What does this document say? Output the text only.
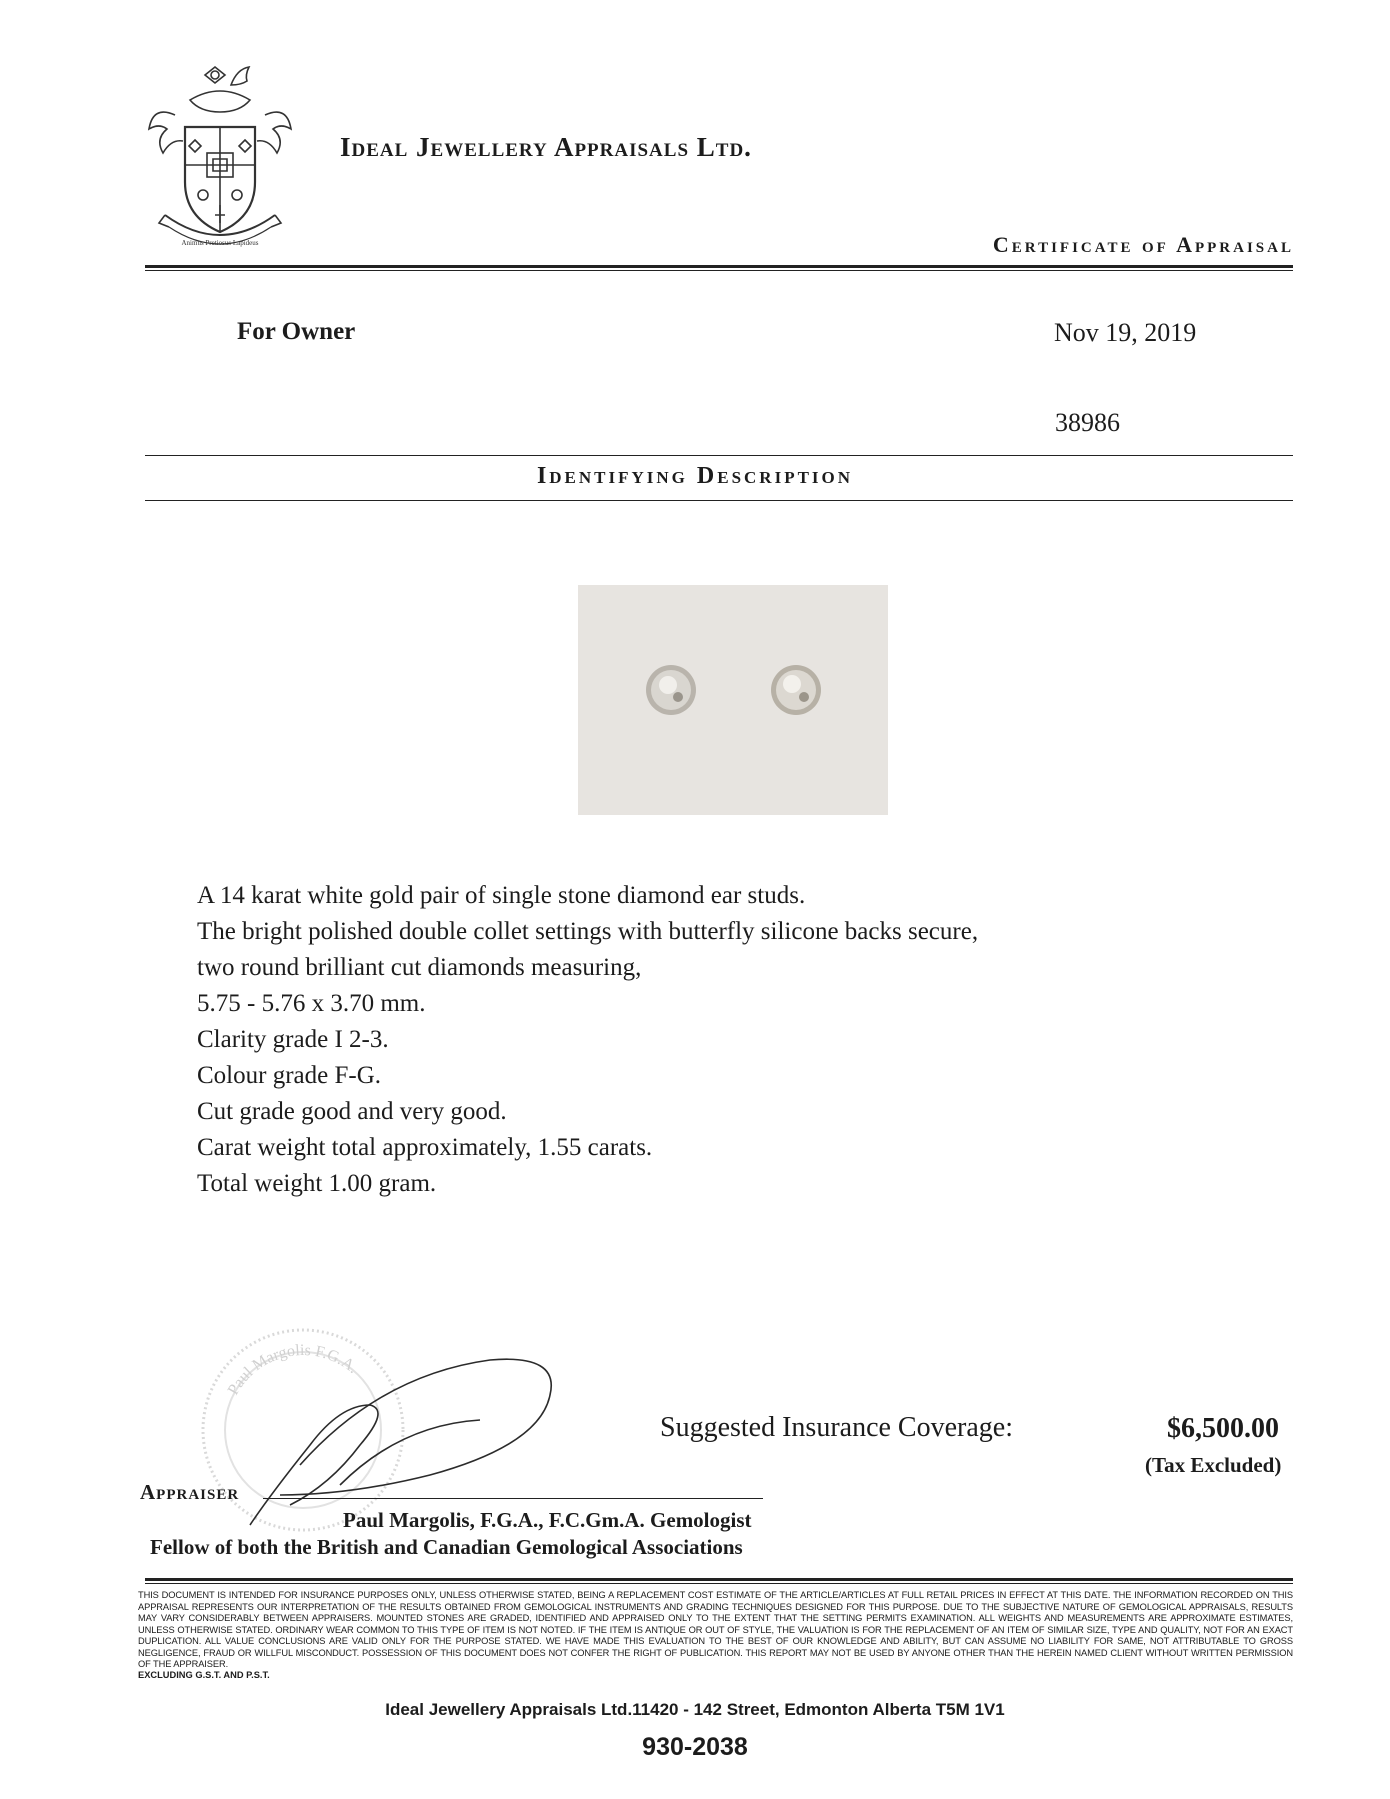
Animus Pretiosus Lapideus
Ideal Jewellery Appraisals Ltd.
Certificate of Appraisal
For Owner	Nov 19, 2019
38986
Identifying Description
A 14 karat white gold pair of single stone diamond ear studs.
The bright polished double collet settings with butterfly silicone backs secure,
two round brilliant cut diamonds measuring,
5.75 - 5.76 x 3.70 mm.
Clarity grade I 2-3.
Colour grade F-G.
Cut grade good and very good.
Carat weight total approximately, 1.55 carats.
Total weight 1.00 gram.
Suggested Insurance Coverage:	$6,500.00
(Tax Excluded)
Paul Margolis F.G.A.
Appraiser
Paul Margolis, F.G.A., F.C.Gm.A. Gemologist
Fellow of both the British and Canadian Gemological Associations
THIS DOCUMENT IS INTENDED FOR INSURANCE PURPOSES ONLY, UNLESS OTHERWISE STATED, BEING A REPLACEMENT COST ESTIMATE OF THE ARTICLE/ARTICLES AT FULL RETAIL PRICES IN EFFECT AT THIS DATE. THE INFORMATION RECORDED ON THIS APPRAISAL REPRESENTS OUR INTERPRETATION OF THE RESULTS OBTAINED FROM GEMOLOGICAL INSTRUMENTS AND GRADING TECHNIQUES DESIGNED FOR THIS PURPOSE. DUE TO THE SUBJECTIVE NATURE OF GEMOLOGICAL APPRAISALS, RESULTS MAY VARY CONSIDERABLY BETWEEN APPRAISERS. MOUNTED STONES ARE GRADED, IDENTIFIED AND APPRAISED ONLY TO THE EXTENT THAT THE SETTING PERMITS EXAMINATION. ALL WEIGHTS AND MEASUREMENTS ARE APPROXIMATE ESTIMATES, UNLESS OTHERWISE STATED. ORDINARY WEAR COMMON TO THIS TYPE OF ITEM IS NOT NOTED. IF THE ITEM IS ANTIQUE OR OUT OF STYLE, THE VALUATION IS FOR THE REPLACEMENT OF AN ITEM OF SIMILAR SIZE, TYPE AND QUALITY, NOT FOR AN EXACT DUPLICATION. ALL VALUE CONCLUSIONS ARE VALID ONLY FOR THE PURPOSE STATED. WE HAVE MADE THIS EVALUATION TO THE BEST OF OUR KNOWLEDGE AND ABILITY, BUT CAN ASSUME NO LIABILITY FOR SAME, NOT ATTRIBUTABLE TO GROSS NEGLIGENCE, FRAUD OR WILLFUL MISCONDUCT. POSSESSION OF THIS DOCUMENT DOES NOT CONFER THE RIGHT OF PUBLICATION. THIS REPORT MAY NOT BE USED BY ANYONE OTHER THAN THE HEREIN NAMED CLIENT WITHOUT WRITTEN PERMISSION OF THE APPRAISER.
EXCLUDING G.S.T. AND P.S.T.
Ideal Jewellery Appraisals Ltd.11420 - 142 Street, Edmonton Alberta T5M 1V1
930-2038
